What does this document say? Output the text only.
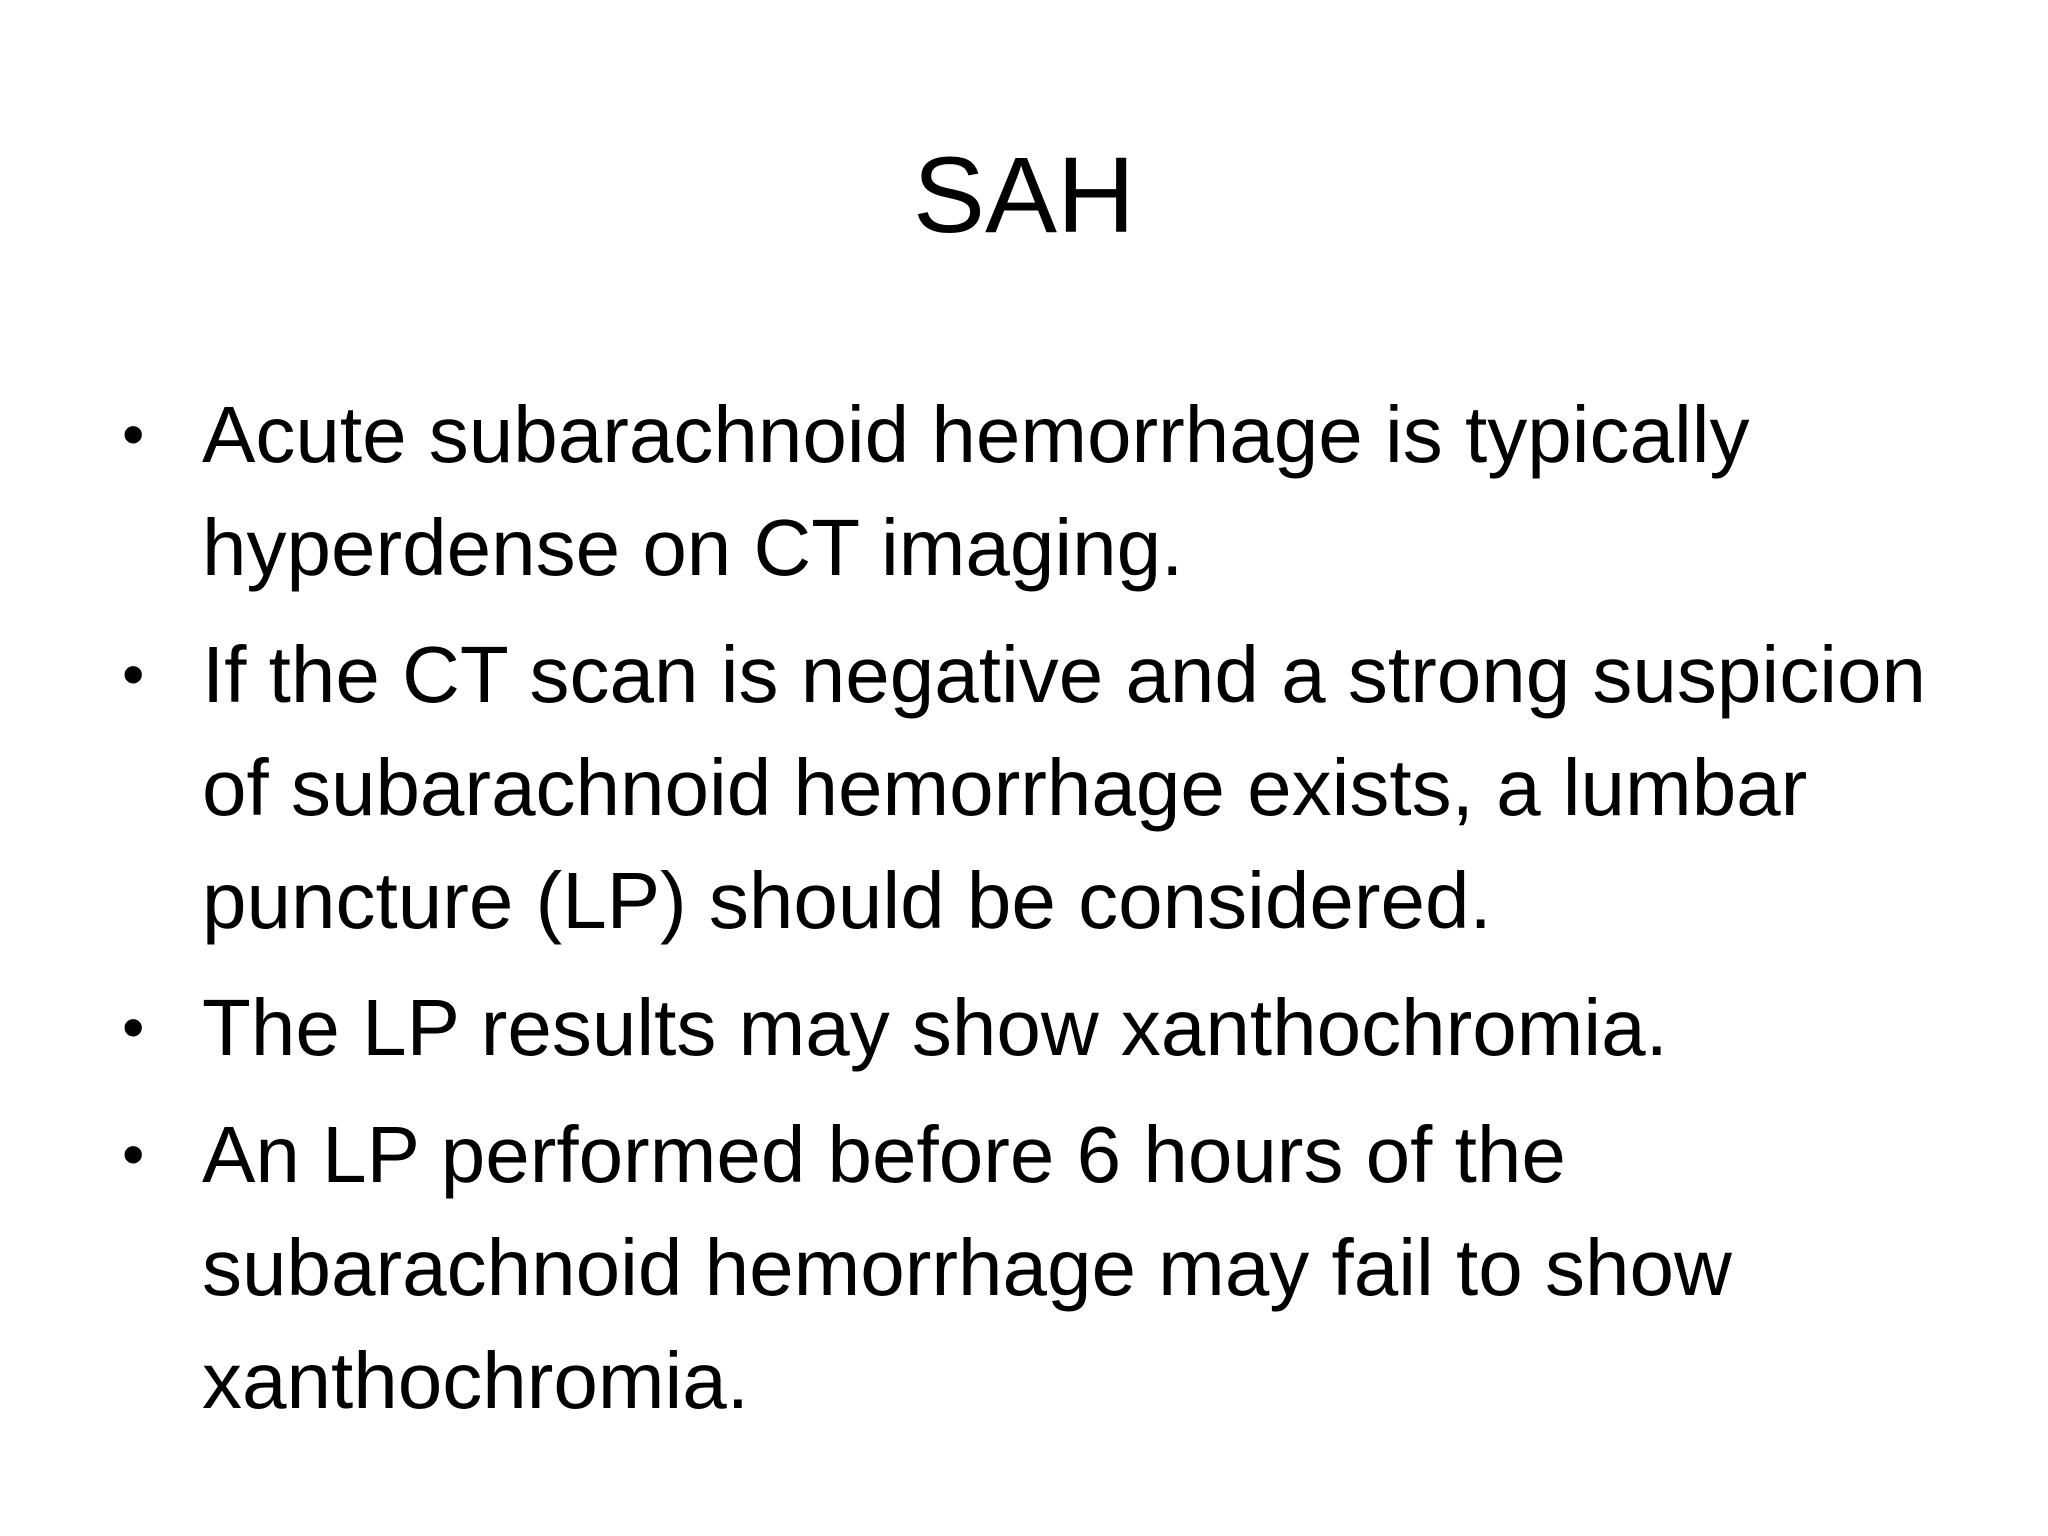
SAH
• Acute subarachnoid hemorrhage is typically hyperdense on CT imaging.
• If the CT scan is negative and a strong suspicion of subarachnoid hemorrhage exists, a lumbar puncture (LP) should be considered.
• The LP results may show xanthochromia.
• An LP performed before 6 hours of the subarachnoid hemorrhage may fail to show xanthochromia.
